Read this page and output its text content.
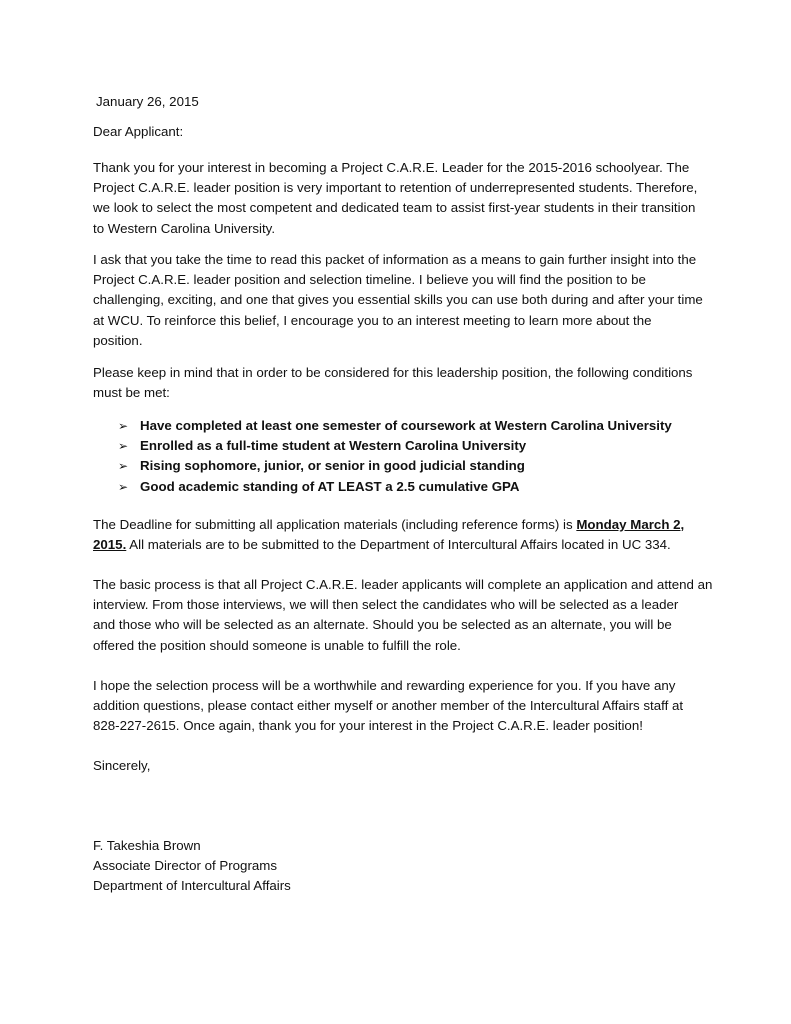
January 26, 2015

Dear Applicant:

Thank you for your interest in becoming a Project C.A.R.E. Leader for the 2015-2016 schoolyear. The

Project C.A.R.E. leader position is very important to retention of underrepresented students. Therefore,

we look to select the most competent and dedicated team to assist first-year students in their transition

to Western Carolina University.

I ask that you take the time to read this packet of information as a means to gain further insight into the

Project C.A.R.E. leader position and selection timeline. I believe you will find the position to be

challenging, exciting, and one that gives you essential skills you can use both during and after your time

at WCU. To reinforce this belief, I encourage you to an interest meeting to learn more about the

position.

Please keep in mind that in order to be considered for this leadership position, the following conditions

must be met:

➢ Have completed at least one semester of coursework at Western Carolina University
➢ Enrolled as a full-time student at Western Carolina University
➢ Rising sophomore, junior, or senior in good judicial standing
➢ Good academic standing of AT LEAST a 2.5 cumulative GPA

The Deadline for submitting all application materials (including reference forms) is Monday March 2,

2015. All materials are to be submitted to the Department of Intercultural Affairs located in UC 334.

The basic process is that all Project C.A.R.E. leader applicants will complete an application and attend an

interview. From those interviews, we will then select the candidates who will be selected as a leader

and those who will be selected as an alternate. Should you be selected as an alternate, you will be

offered the position should someone is unable to fulfill the role.

I hope the selection process will be a worthwhile and rewarding experience for you. If you have any

addition questions, please contact either myself or another member of the Intercultural Affairs staff at

828-227-2615. Once again, thank you for your interest in the Project C.A.R.E. leader position!

Sincerely,

F. Takeshia Brown

Associate Director of Programs

Department of Intercultural Affairs
